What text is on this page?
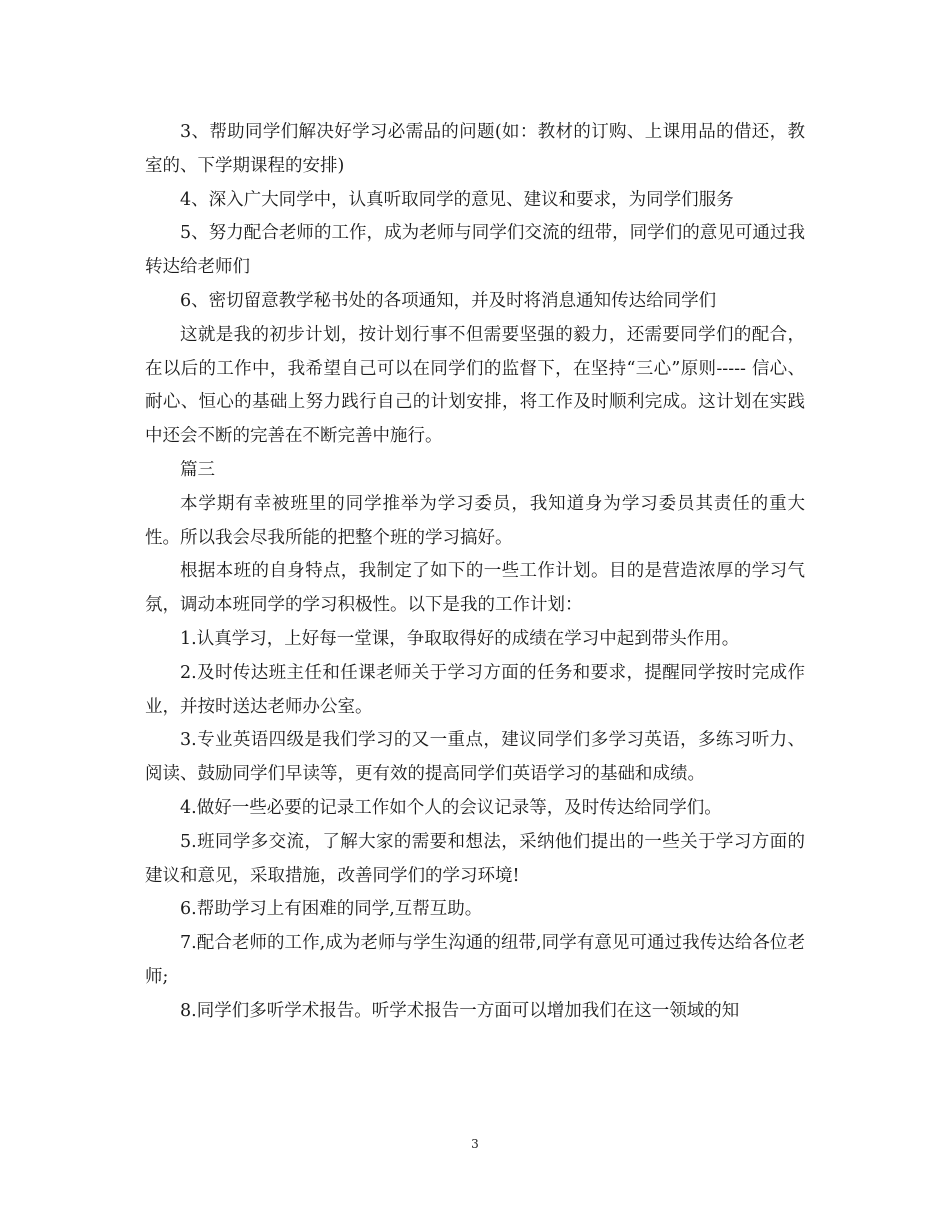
3、帮助同学们解决好学习必需品的问题(如：教材的订购、上课用品的借还，教室的、下学期课程的安排)

4、深入广大同学中，认真听取同学的意见、建议和要求，为同学们服务

5、努力配合老师的工作，成为老师与同学们交流的纽带，同学们的意见可通过我转达给老师们

6、密切留意教学秘书处的各项通知，并及时将消息通知传达给同学们

这就是我的初步计划，按计划行事不但需要坚强的毅力，还需要同学们的配合，在以后的工作中，我希望自己可以在同学们的监督下，在坚持“三心”原则----- 信心、耐心、恒心的基础上努力践行自己的计划安排，将工作及时顺利完成。这计划在实践中还会不断的完善在不断完善中施行。

篇三

本学期有幸被班里的同学推举为学习委员，我知道身为学习委员其责任的重大性。所以我会尽我所能的把整个班的学习搞好。

根据本班的自身特点，我制定了如下的一些工作计划。目的是营造浓厚的学习气氛，调动本班同学的学习积极性。以下是我的工作计划：

1.认真学习，上好每一堂课，争取取得好的成绩在学习中起到带头作用。

2.及时传达班主任和任课老师关于学习方面的任务和要求，提醒同学按时完成作业，并按时送达老师办公室。

3.专业英语四级是我们学习的又一重点，建议同学们多学习英语，多练习听力、阅读、鼓励同学们早读等，更有效的提高同学们英语学习的基础和成绩。

4.做好一些必要的记录工作如个人的会议记录等，及时传达给同学们。

5.班同学多交流，了解大家的需要和想法，采纳他们提出的一些关于学习方面的建议和意见，采取措施，改善同学们的学习环境!

6.帮助学习上有困难的同学,互帮互助。

7.配合老师的工作,成为老师与学生沟通的纽带,同学有意见可通过我传达给各位老师;

8.同学们多听学术报告。听学术报告一方面可以增加我们在这一领域的知

3
